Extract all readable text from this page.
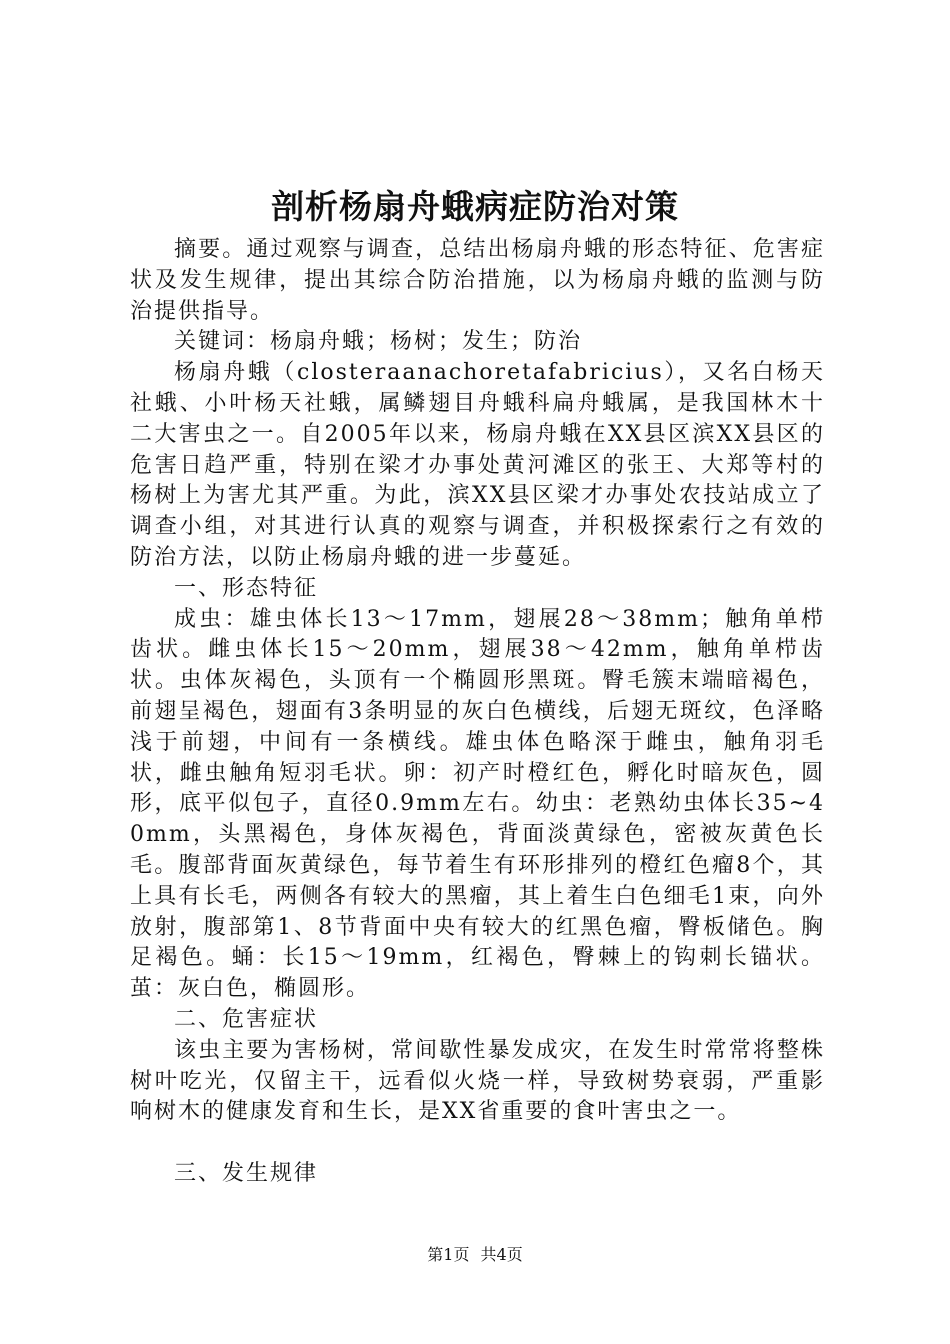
剖析杨扇舟蛾病症防治对策

摘要。通过观察与调查，总结出杨扇舟蛾的形态特征、危害症状及发生规律，提出其综合防治措施，以为杨扇舟蛾的监测与防治提供指导。

关键词：杨扇舟蛾；杨树；发生；防治

杨扇舟蛾（closteraanachoretafabricius），又名白杨天社蛾、小叶杨天社蛾，属鳞翅目舟蛾科扁舟蛾属，是我国林木十二大害虫之一。自2005年以来，杨扇舟蛾在XX县区滨XX县区的危害日趋严重，特别在梁才办事处黄河滩区的张王、大郑等村的杨树上为害尤其严重。为此，滨XX县区梁才办事处农技站成立了调查小组，对其进行认真的观察与调查，并积极探索行之有效的防治方法，以防止杨扇舟蛾的进一步蔓延。

一、形态特征

成虫：雄虫体长13～17mm，翅展28～38mm；触角单栉齿状。雌虫体长15～20mm，翅展38～42mm，触角单栉齿状。虫体灰褐色，头顶有一个椭圆形黑斑。臀毛簇末端暗褐色，前翅呈褐色，翅面有3条明显的灰白色横线，后翅无斑纹，色泽略浅于前翅，中间有一条横线。雄虫体色略深于雌虫，触角羽毛状，雌虫触角短羽毛状。卵：初产时橙红色，孵化时暗灰色，圆形，底平似包子，直径0.9mm左右。幼虫：老熟幼虫体长35~40mm，头黑褐色，身体灰褐色，背面淡黄绿色，密被灰黄色长毛。腹部背面灰黄绿色，每节着生有环形排列的橙红色瘤8个，其上具有长毛，两侧各有较大的黑瘤，其上着生白色细毛1束，向外放射，腹部第1、8节背面中央有较大的红黑色瘤，臀板储色。胸足褐色。蛹：长15～19mm，红褐色，臀棘上的钩刺长锚状。茧：灰白色，椭圆形。

二、危害症状

该虫主要为害杨树，常间歇性暴发成灾，在发生时常常将整株树叶吃光，仅留主干，远看似火烧一样，导致树势衰弱，严重影响树木的健康发育和生长，是XX省重要的食叶害虫之一。

三、发生规律

第1页 共4页
